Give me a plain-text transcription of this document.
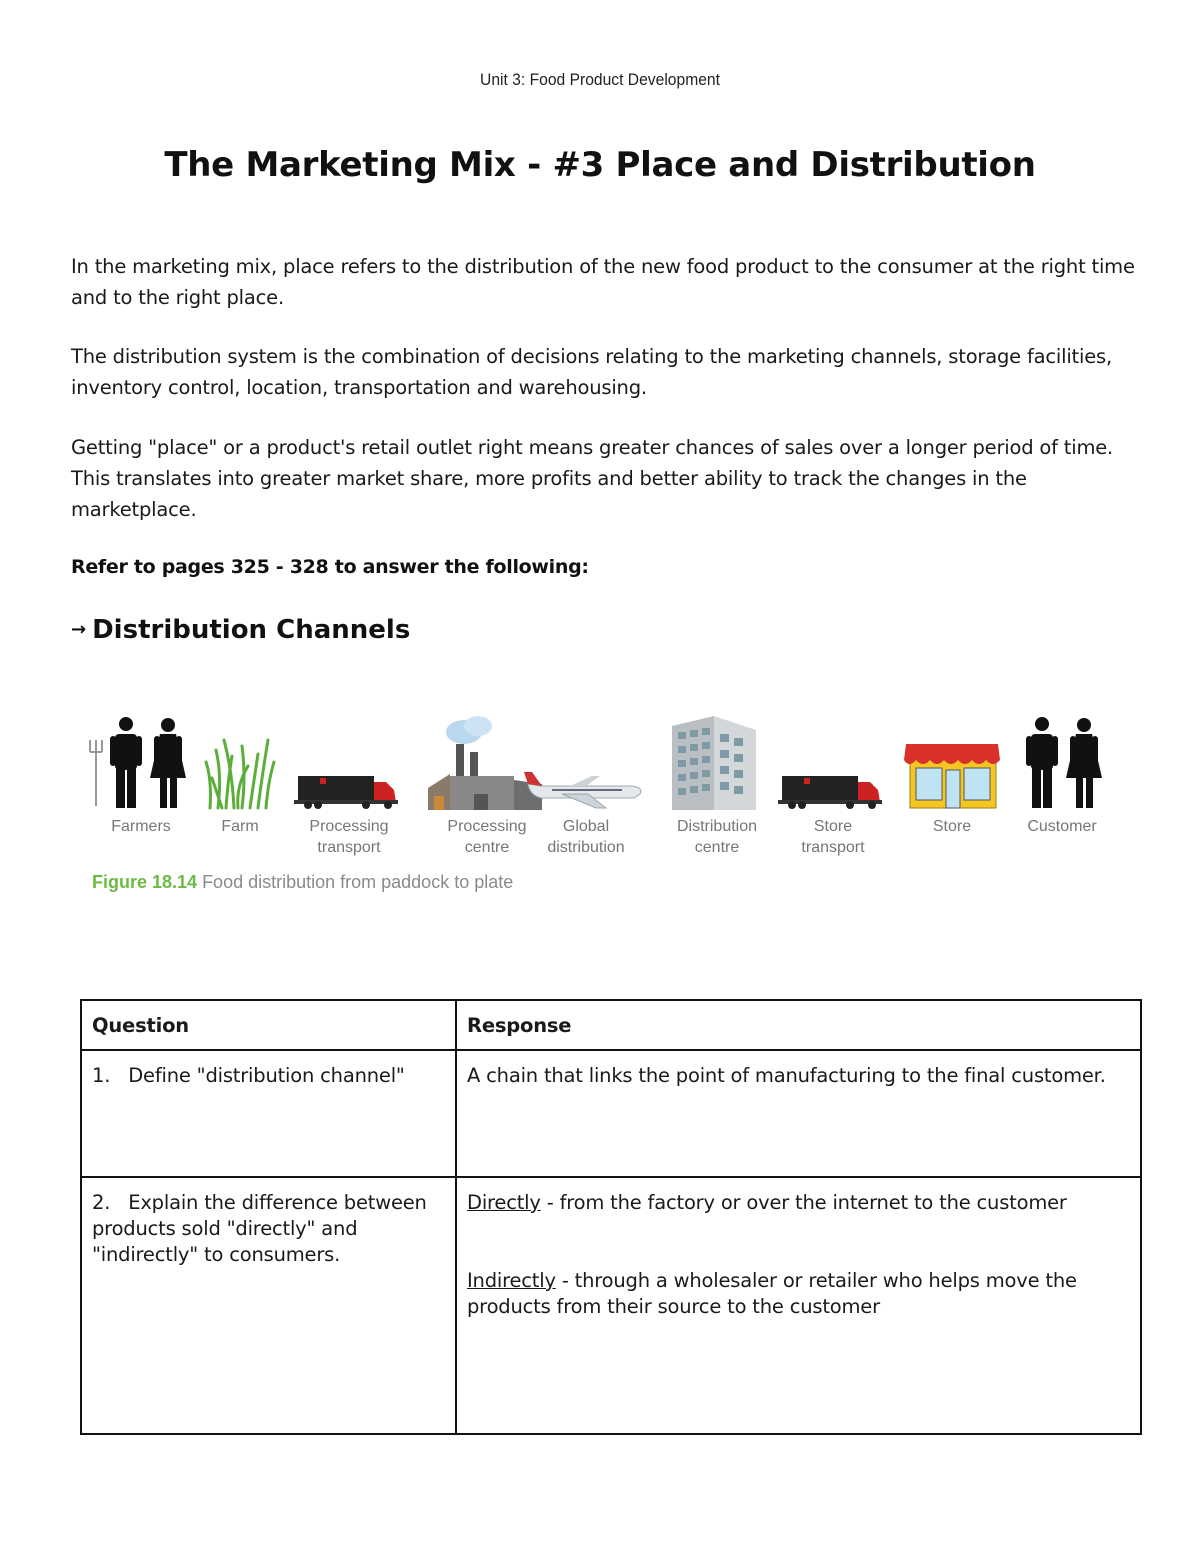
Unit 3: Food Product Development
The Marketing Mix - #3 Place and Distribution
In the marketing mix, place refers to the distribution of the new food product to the consumer at the right time and to the right place.
The distribution system is the combination of decisions relating to the marketing channels, storage facilities, inventory control, location, transportation and warehousing.
Getting "place" or a product's retail outlet right means greater chances of sales over a longer period of time. This translates into greater market share, more profits and better ability to track the changes in the marketplace.
Refer to pages 325 - 328 to answer the following:
→ Distribution Channels
Farmers	Farm	Processing
transport
Processing
centre
Global
distribution
Distribution
centre
Store
transport
Store	Customer
Figure 18.14 Food distribution from paddock to plate
Question	Response
1. Define "distribution channel"	A chain that links the point of manufacturing to the final customer.
2. Explain the difference between products sold "directly" and "indirectly" to consumers.	Directly - from the factory or over the internet to the customer
Indirectly - through a wholesaler or retailer who helps move the products from their source to the customer
